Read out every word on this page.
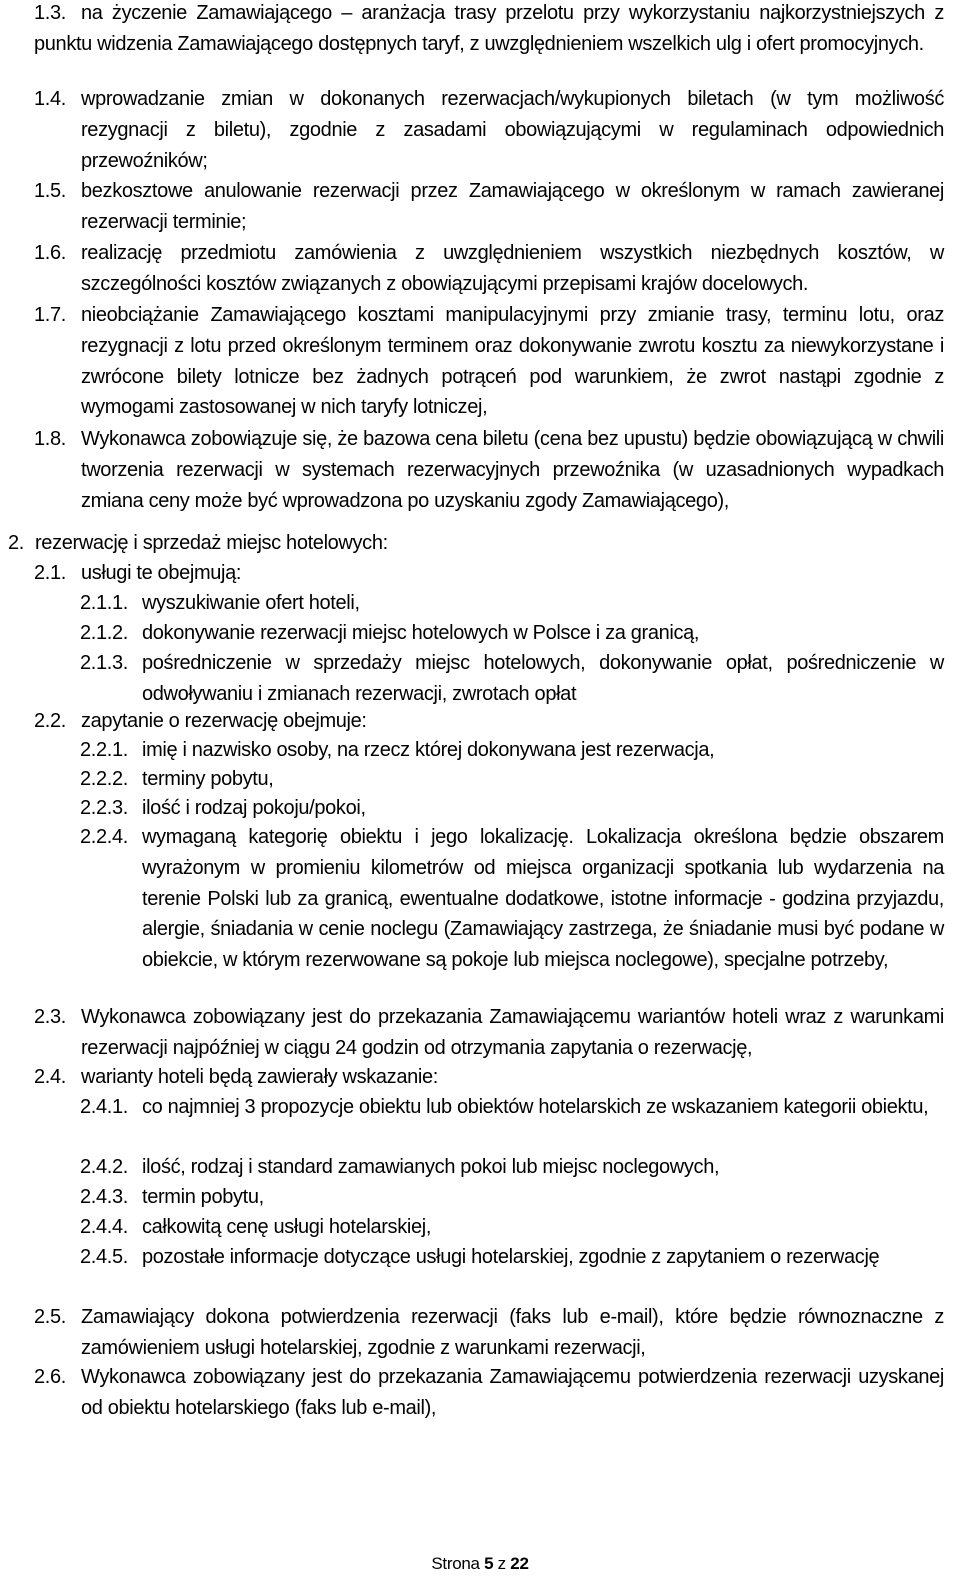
1.3. na życzenie Zamawiającego – aranżacja trasy przelotu przy wykorzystaniu najkorzystniejszych z punktu widzenia Zamawiającego dostępnych taryf, z uwzględnieniem wszelkich ulg i ofert promocyjnych.
1.4. wprowadzanie zmian w dokonanych rezerwacjach/wykupionych biletach (w tym możliwość rezygnacji z biletu), zgodnie z zasadami obowiązującymi w regulaminach odpowiednich przewoźników;
1.5. bezkosztowe anulowanie rezerwacji przez Zamawiającego w określonym w ramach zawieranej rezerwacji terminie;
1.6. realizację przedmiotu zamówienia z uwzględnieniem wszystkich niezbędnych kosztów, w szczególności kosztów związanych z obowiązującymi przepisami krajów docelowych.
1.7. nieobciążanie Zamawiającego kosztami manipulacyjnymi przy zmianie trasy, terminu lotu, oraz rezygnacji z lotu przed określonym terminem oraz dokonywanie zwrotu kosztu za niewykorzystane i zwrócone bilety lotnicze bez żadnych potrąceń pod warunkiem, że zwrot nastąpi zgodnie z wymogami zastosowanej w nich taryfy lotniczej,
1.8. Wykonawca zobowiązuje się, że bazowa cena biletu (cena bez upustu) będzie obowiązującą w chwili tworzenia rezerwacji w systemach rezerwacyjnych przewoźnika (w uzasadnionych wypadkach zmiana ceny może być wprowadzona po uzyskaniu zgody Zamawiającego),
2. rezerwację i sprzedaż miejsc hotelowych:
2.1. usługi te obejmują:
2.1.1. wyszukiwanie ofert hoteli,
2.1.2. dokonywanie rezerwacji miejsc hotelowych w Polsce i za granicą,
2.1.3. pośredniczenie w sprzedaży miejsc hotelowych, dokonywanie opłat, pośredniczenie w odwoływaniu i zmianach rezerwacji, zwrotach opłat
2.2. zapytanie o rezerwację obejmuje:
2.2.1. imię i nazwisko osoby, na rzecz której dokonywana jest rezerwacja,
2.2.2. terminy pobytu,
2.2.3. ilość i rodzaj pokoju/pokoi,
2.2.4. wymaganą kategorię obiektu i jego lokalizację. Lokalizacja określona będzie obszarem wyrażonym w promieniu kilometrów od miejsca organizacji spotkania lub wydarzenia na terenie Polski lub za granicą, ewentualne dodatkowe, istotne informacje - godzina przyjazdu, alergie, śniadania w cenie noclegu (Zamawiający zastrzega, że śniadanie musi być podane w obiekcie, w którym rezerwowane są pokoje lub miejsca noclegowe), specjalne potrzeby,
2.3. Wykonawca zobowiązany jest do przekazania Zamawiającemu wariantów hoteli wraz z warunkami rezerwacji najpóźniej w ciągu 24 godzin od otrzymania zapytania o rezerwację,
2.4. warianty hoteli będą zawierały wskazanie:
2.4.1. co najmniej 3 propozycje obiektu lub obiektów hotelarskich ze wskazaniem kategorii obiektu,
2.4.2. ilość, rodzaj i standard zamawianych pokoi lub miejsc noclegowych,
2.4.3. termin pobytu,
2.4.4. całkowitą cenę usługi hotelarskiej,
2.4.5. pozostałe informacje dotyczące usługi hotelarskiej, zgodnie z zapytaniem o rezerwację
2.5. Zamawiający dokona potwierdzenia rezerwacji (faks lub e-mail), które będzie równoznaczne z zamówieniem usługi hotelarskiej, zgodnie z warunkami rezerwacji,
2.6. Wykonawca zobowiązany jest do przekazania Zamawiającemu potwierdzenia rezerwacji uzyskanej od obiektu hotelarskiego (faks lub e-mail),
Strona 5 z 22
